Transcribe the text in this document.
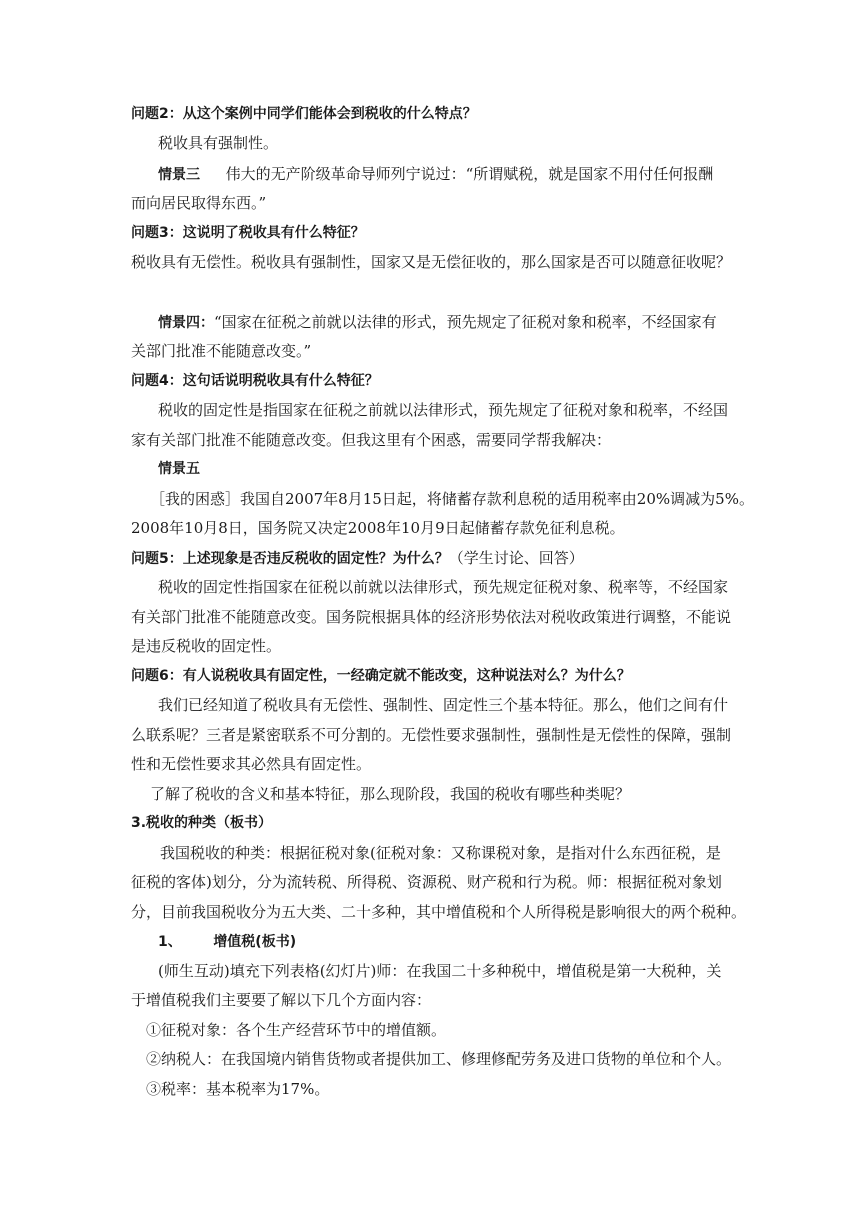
问题2：从这个案例中同学们能体会到税收的什么特点？
税收具有强制性。
情景三 伟大的无产阶级革命导师列宁说过：“所谓赋税，就是国家不用付任何报酬
而向居民取得东西。”
问题3：这说明了税收具有什么特征？
税收具有无偿性。税收具有强制性，国家又是无偿征收的，那么国家是否可以随意征收呢？
情景四：“国家在征税之前就以法律的形式，预先规定了征税对象和税率，不经国家有
关部门批准不能随意改变。”
问题4：这句话说明税收具有什么特征？
税收的固定性是指国家在征税之前就以法律形式，预先规定了征税对象和税率，不经国
家有关部门批准不能随意改变。但我这里有个困惑，需要同学帮我解决：
情景五
［我的困惑］我国自2007年8月15日起，将储蓄存款利息税的适用税率由20%调减为5%。
2008年10月8日，国务院又决定2008年10月9日起储蓄存款免征利息税。
问题5：上述现象是否违反税收的固定性？为什么？（学生讨论、回答）
税收的固定性指国家在征税以前就以法律形式，预先规定征税对象、税率等，不经国家
有关部门批准不能随意改变。国务院根据具体的经济形势依法对税收政策进行调整，不能说
是违反税收的固定性。
问题6：有人说税收具有固定性，一经确定就不能改变，这种说法对么？为什么？
我们已经知道了税收具有无偿性、强制性、固定性三个基本特征。那么，他们之间有什
么联系呢？三者是紧密联系不可分割的。无偿性要求强制性，强制性是无偿性的保障，强制
性和无偿性要求其必然具有固定性。
了解了税收的含义和基本特征，那么现阶段，我国的税收有哪些种类呢？
3.税收的种类（板书）
我国税收的种类：根据征税对象(征税对象：又称课税对象，是指对什么东西征税，是
征税的客体)划分，分为流转税、所得税、资源税、财产税和行为税。师：根据征税对象划
分，目前我国税收分为五大类、二十多种，其中增值税和个人所得税是影响很大的两个税种。
1、 增值税(板书)
(师生互动)填充下列表格(幻灯片)师：在我国二十多种税中，增值税是第一大税种，关
于增值税我们主要要了解以下几个方面内容：
①征税对象：各个生产经营环节中的增值额。
②纳税人：在我国境内销售货物或者提供加工、修理修配劳务及进口货物的单位和个人。
③税率：基本税率为17%。
